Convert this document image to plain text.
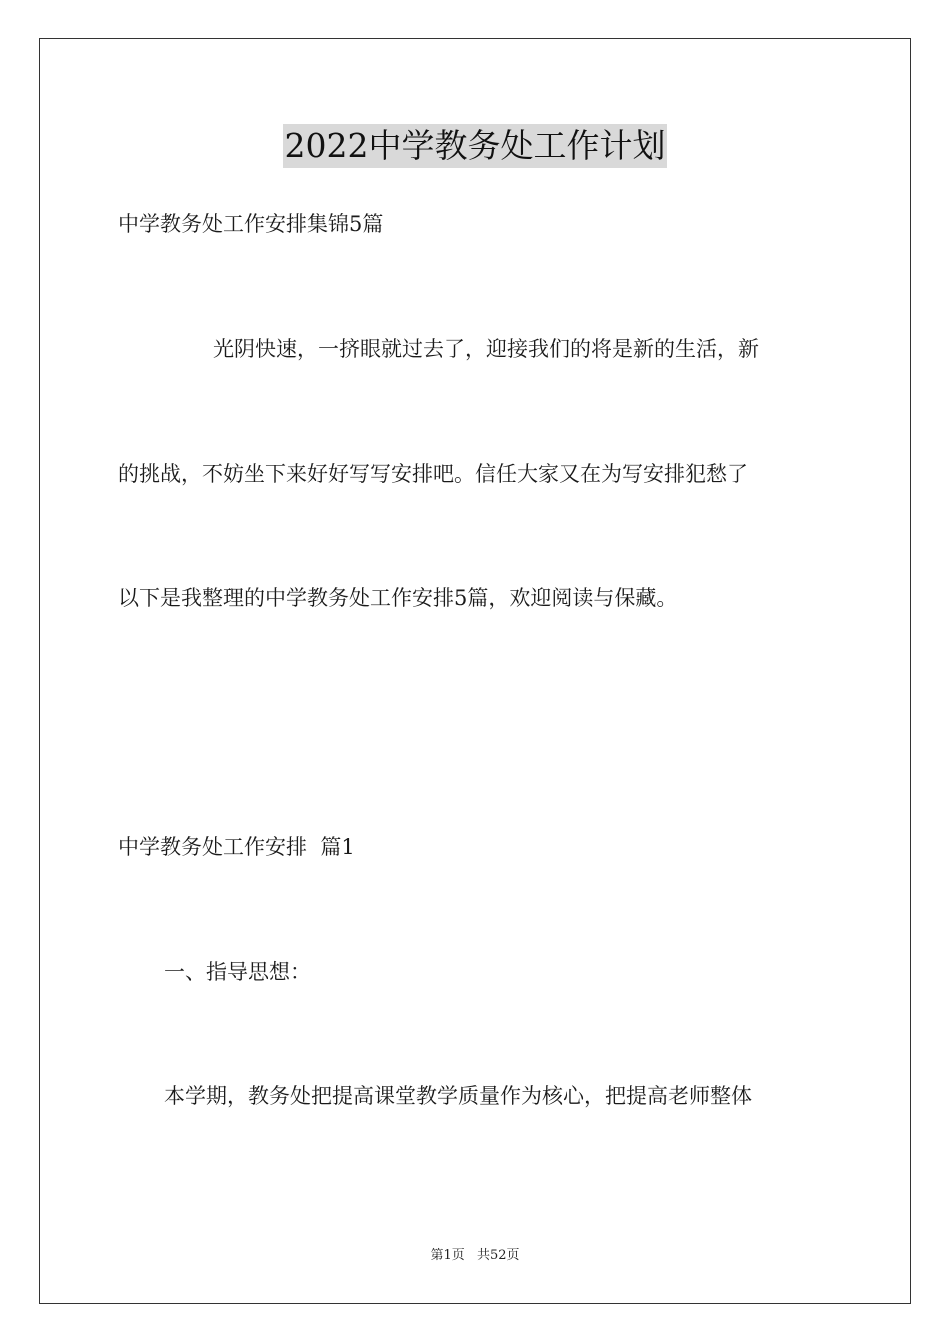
2022中学教务处工作计划
中学教务处工作安排集锦5篇
光阴快速，一挤眼就过去了，迎接我们的将是新的生活，新
的挑战，不妨坐下来好好写写安排吧。信任大家又在为写安排犯愁了
以下是我整理的中学教务处工作安排5篇，欢迎阅读与保藏。
中学教务处工作安排  篇1
一、指导思想：
本学期，教务处把提高课堂教学质量作为核心，把提高老师整体
第1页 共52页
